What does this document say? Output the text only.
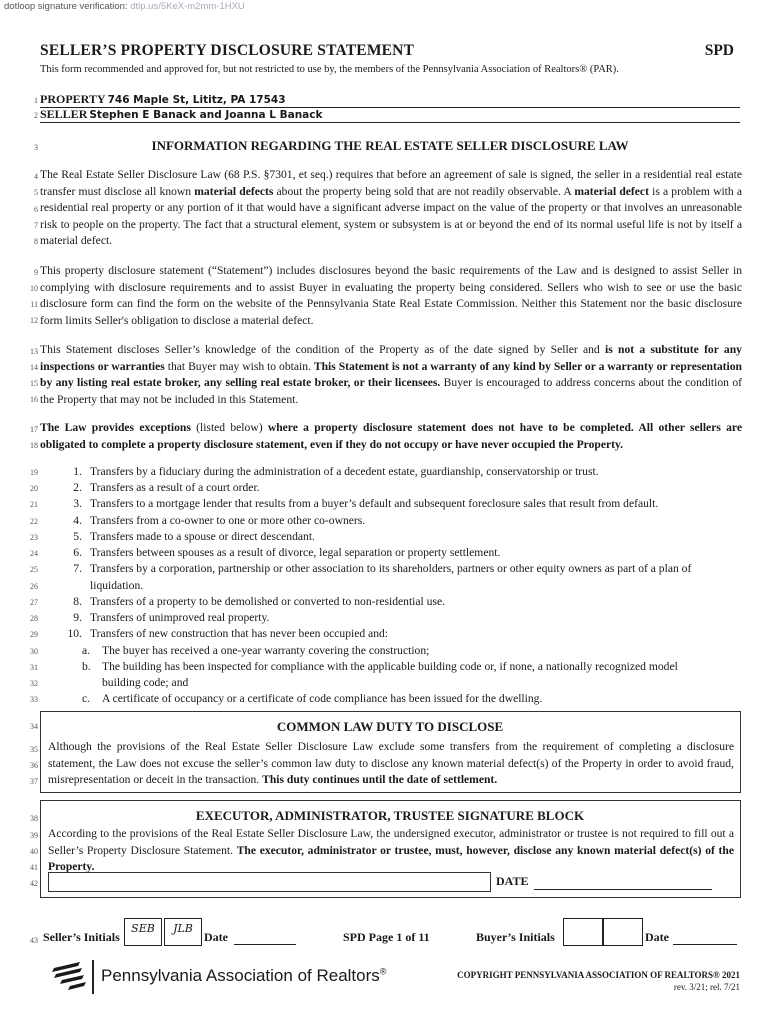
dotloop signature verification: dtlp.us/5KeX-m2mm-1HXU
SELLER’S PROPERTY DISCLOSURE STATEMENT	SPD
This form recommended and approved for, but not restricted to use by, the members of the Pennsylvania Association of Realtors® (PAR).
1
2
3
4
5
6
7
8
9
10
11
12
13
14
15
16
17
18
19
20
21
22
23
24
25
26
27
28
29
30
31
32
33
34
35
36
37
38
39
40
41
42
43
PROPERTY 746 Maple St, Lititz, PA 17543
SELLER Stephen E Banack and Joanna L Banack
INFORMATION REGARDING THE REAL ESTATE SELLER DISCLOSURE LAW
The Real Estate Seller Disclosure Law (68 P.S. §7301, et seq.) requires that before an agreement of sale is signed, the seller in a residential real estate transfer must disclose all known material defects about the property being sold that are not readily observable. A material defect is a problem with a residential real property or any portion of it that would have a significant adverse impact on the value of the property or that involves an unreasonable risk to people on the property. The fact that a structural element, system or subsystem is at or beyond the end of its normal useful life is not by itself a material defect.
This property disclosure statement (“Statement”) includes disclosures beyond the basic requirements of the Law and is designed to assist Seller in complying with disclosure requirements and to assist Buyer in evaluating the property being considered. Sellers who wish to see or use the basic disclosure form can find the form on the website of the Pennsylvania State Real Estate Commission. Neither this Statement nor the basic disclosure form limits Seller's obligation to disclose a material defect.
This Statement discloses Seller’s knowledge of the condition of the Property as of the date signed by Seller and is not a substitute for any inspections or warranties that Buyer may wish to obtain. This Statement is not a warranty of any kind by Seller or a warranty or representation by any listing real estate broker, any selling real estate broker, or their licensees. Buyer is encouraged to address concerns about the condition of the Property that may not be included in this Statement.
The Law provides exceptions (listed below) where a property disclosure statement does not have to be completed. All other sellers are obligated to complete a property disclosure statement, even if they do not occupy or have never occupied the Property.
1. Transfers by a fiduciary during the administration of a decedent estate, guardianship, conservatorship or trust.
2. Transfers as a result of a court order.
3. Transfers to a mortgage lender that results from a buyer’s default and subsequent foreclosure sales that result from default.
4. Transfers from a co-owner to one or more other co-owners.
5. Transfers made to a spouse or direct descendant.
6. Transfers between spouses as a result of divorce, legal separation or property settlement.
7. Transfers by a corporation, partnership or other association to its shareholders, partners or other equity owners as part of a plan of
liquidation.
8. Transfers of a property to be demolished or converted to non-residential use.
9. Transfers of unimproved real property.
10. Transfers of new construction that has never been occupied and:
a. The buyer has received a one-year warranty covering the construction;
b. The building has been inspected for compliance with the applicable building code or, if none, a nationally recognized model
building code; and
c. A certificate of occupancy or a certificate of code compliance has been issued for the dwelling.
COMMON LAW DUTY TO DISCLOSE
Although the provisions of the Real Estate Seller Disclosure Law exclude some transfers from the requirement of completing a disclosure statement, the Law does not excuse the seller’s common law duty to disclose any known material defect(s) of the Property in order to avoid fraud, misrepresentation or deceit in the transaction. This duty continues until the date of settlement.
EXECUTOR, ADMINISTRATOR, TRUSTEE SIGNATURE BLOCK
According to the provisions of the Real Estate Seller Disclosure Law, the undersigned executor, administrator or trustee is not required to fill out a Seller’s Property Disclosure Statement. The executor, administrator or trustee, must, however, disclose any known material defect(s) of the Property.
DATE
Seller’s Initials
SEB	JLB
Date	SPD Page 1 of 11	Buyer’s Initials	Date
Pennsylvania Association of Realtors®	COPYRIGHT PENNSYLVANIA ASSOCIATION OF REALTORS® 2021
rev. 3/21; rel. 7/21
